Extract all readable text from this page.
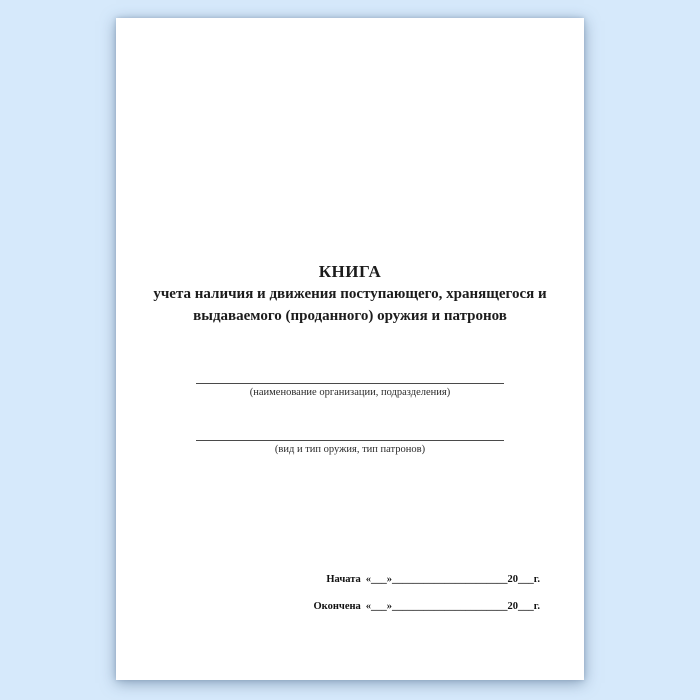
КНИГА
учета наличия и движения поступающего, хранящегося и
выдаваемого (проданного) оружия и патронов
(наименование организации, подразделения)
(вид и тип оружия, тип патронов)
Начата «___»______________________20___г.
Окончена «___»______________________20___г.
